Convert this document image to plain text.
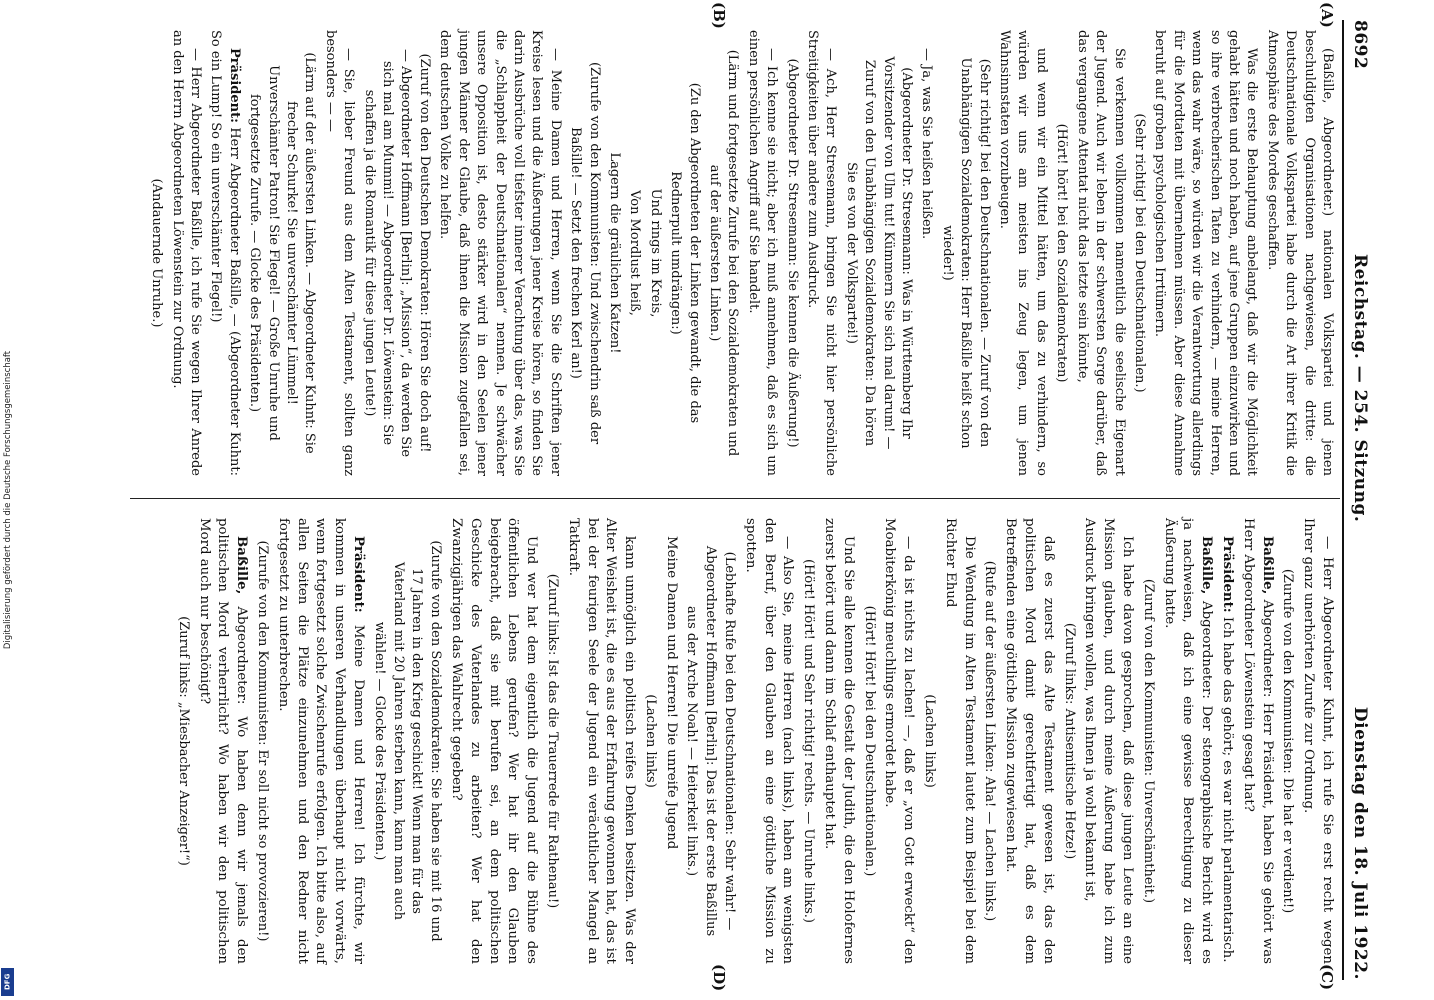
Digitalisierung gefördert durch die Deutsche Forschungsgemeinschaft
DFG
8692
Reichstag. — 254. Sitzung.
Dienstag den 18. Juli 1922.
(A)
(B)
(C)
(D)

(Baßille, Abgeordneter.) nationalen Volkspartei und jenen beschuldigten Organisationen nachgewiesen, die dritte: die Deutschnationale Volkspartei habe durch die Art ihrer Kritik die Atmosphäre des Mordes geschaffen.

Was die erste Behauptung anbelangt, daß wir die Möglichkeit gehabt hätten und noch haben, auf jene Gruppen einzuwirken und so ihre verbrecherischen Taten zu verhindern, — meine Herren, wenn das wahr wäre, so würden wir die Verantwortung allerdings für die Mordtaten mit übernehmen müssen. Aber diese Annahme beruht auf groben psychologischen Irrtümern.

(Sehr richtig! bei den Deutschnationalen.)

Sie verkennen vollkommen namentlich die seelische Eigenart der Jugend. Auch wir leben in der schwersten Sorge darüber, daß das vergangene Attentat nicht das letzte sein könnte,

(Hört! hört! bei den Sozialdemokraten)

und wenn wir ein Mittel hätten, um das zu verhindern, so würden wir uns am meisten ins Zeug legen, um jenen Wahnsinnstaten vorzubeugen.

(Sehr richtig! bei den Deutschnationalen. — Zuruf von den Unabhängigen Sozialdemokraten: Herr Baßille heißt schon wieder!)

— Ja, was Sie heißen heißen.

(Abgeordneter Dr. Stresemann: Was in Württemberg Ihr Vorsitzender von Ulm tut! Kümmern Sie sich mal darum! — Zuruf von den Unabhängigen Sozialdemokraten: Da hören Sie es von der Volkspartei!)

— Ach, Herr Stresemann, bringen Sie nicht hier persönliche Streitigkeiten über andere zum Ausdruck.

(Abgeordneter Dr. Stresemann: Sie kennen die Äußerung!)

— Ich kenne sie nicht; aber ich muß annehmen, daß es sich um einen persönlichen Angriff auf Sie handelt.

(Lärm und fortgesetzte Zurufe bei den Sozialdemokraten und auf der äußersten Linken.)

(Zu den Abgeordneten der Linken gewandt, die das Rednerpult umdrängen:)

Und rings im Kreis,

Von Mordlust heiß,

Lagern die gräulichen Katzen!

(Zurufe von den Kommunisten: Und zwischendrin saß der Baßille! — Setzt den frechen Kerl an!)

— Meine Damen und Herren, wenn Sie die Schriften jener Kreise lesen und die Äußerungen jener Kreise hören, so finden Sie darin Ausbrüche voll tiefster innerer Verachtung über das, was Sie die „Schlappheit der Deutschnationalen“ nennen. Je schwächer unsere Opposition ist, desto stärker wird in den Seelen jener jungen Männer der Glaube, daß ihnen die Mission zugefallen sei, dem deutschen Volke zu helfen.

(Zuruf von den Deutschen Demokraten: Hören Sie doch auf! — Abgeordneter Hoffmann [Berlin]: „Mission“, da werden Sie sich mal am Mummi! — Abgeordneter Dr. Löwenstein: Sie schaffen ja die Romantik für diese jungen Leute!)

— Sie, lieber Freund aus dem Alten Testament, sollten ganz besonders — —

(Lärm auf der äußersten Linken. — Abgeordneter Kuhnt: Sie frecher Schurke! Sie unverschämter Lümmel! Unverschämter Patron! Sie Flegel! — Große Unruhe und fortgesetzte Zurufe. — Glocke des Präsidenten.)

Präsident: Herr Abgeordneter Baßille, — (Abgeordneter Kuhnt: So ein Lump! So ein unverschämter Flegel!)

— Herr Abgeordneter Baßille, ich rufe Sie wegen Ihrer Anrede an den Herrn Abgeordneten Löwenstein zur Ordnung.

(Andauernde Unruhe.)

— Herr Abgeordneter Kuhnt, ich rufe Sie erst recht wegen Ihrer ganz unerhörten Zurufe zur Ordnung.

(Zurufe von den Kommunisten: Die hat er verdient!)

Baßille, Abgeordneter: Herr Präsident, haben Sie gehört was Herr Abgeordneter Löwenstein gesagt hat?

Präsident: Ich habe das gehört; es war nicht parlamentarisch.

Baßille, Abgeordneter: Der stenographische Bericht wird es ja nachweisen, daß ich eine gewisse Berechtigung zu dieser Äußerung hatte.

(Zuruf von den Kommunisten: Unverschämtheit.)

Ich habe davon gesprochen, daß diese jungen Leute an eine Mission glauben, und durch meine Äußerung habe ich zum Ausdruck bringen wollen, was Ihnen ja wohl bekannt ist,

(Zuruf links: Antisemitische Hetze!)

daß es zuerst das Alte Testament gewesen ist, das den politischen Mord damit gerechtfertigt hat, daß es dem Betreffenden eine göttliche Mission zugewiesen hat.

(Rufe auf der äußersten Linken: Aha! — Lachen links.)

Die Wendung im Alten Testament lautet zum Beispiel bei dem Richter Ehud

(Lachen links)

— da ist nichts zu lachen! —, daß er „von Gott erweckt“ den Moabiterkönig meuchlings ermordet habe.

(Hört! Hört! bei den Deutschnationalen.)

Und Sie alle kennen die Gestalt der Judith, die den Holofernes zuerst betört und dann im Schlaf enthauptet hat.

(Hört! Hört! und Sehr richtig! rechts. — Unruhe links.)

— Also Sie, meine Herren (nach links), haben am wenigsten den Beruf, über den Glauben an eine göttliche Mission zu spotten.

(Lebhafte Rufe bei den Deutschnationalen: Sehr wahr! — Abgeordneter Hoffmann [Berlin]: Das ist der erste Baßillus aus der Arche Noah! — Heiterkeit links.)

Meine Damen und Herren! Die unreife Jugend

(Lachen links)

kann unmöglich ein politisch reifes Denken besitzen. Was der Alter Weisheit ist, die es aus der Erfahrung gewonnen hat, das ist bei der feurigen Seele der Jugend ein verächtlicher Mangel an Tatkraft.

(Zuruf links: Ist das die Trauerrede für Rathenau!)

Und wer hat dem eigentlich die Jugend auf die Bühne des öffentlichen Lebens gerufen? Wer hat ihr den Glauben beigebracht, daß sie mit berufen sei, an dem politischen Geschicke des Vaterlandes zu arbeiten? Wer hat den Zwanzigjährigen das Wahlrecht gegeben?

(Zurufe von den Sozialdemokraten: Sie haben sie mit 16 und 17 Jahren in den Krieg geschickt! Wenn man für das Vaterland mit 20 Jahren sterben kann, kann man auch wählen! — Glocke des Präsidenten.)

Präsident: Meine Damen und Herren! Ich fürchte, wir kommen in unseren Verhandlungen überhaupt nicht vorwärts, wenn fortgesetzt solche Zwischenrufe erfolgen. Ich bitte also, auf allen Seiten die Plätze einzunehmen und den Redner nicht fortgesetzt zu unterbrechen.

(Zurufe von den Kommunisten: Er soll nicht so provozieren!)

Baßille, Abgeordneter: Wo haben denn wir jemals den politischen Mord verherrlicht? Wo haben wir den politischen Mord auch nur beschönigt?

(Zuruf links: „Miesbacher Anzeiger!“)
